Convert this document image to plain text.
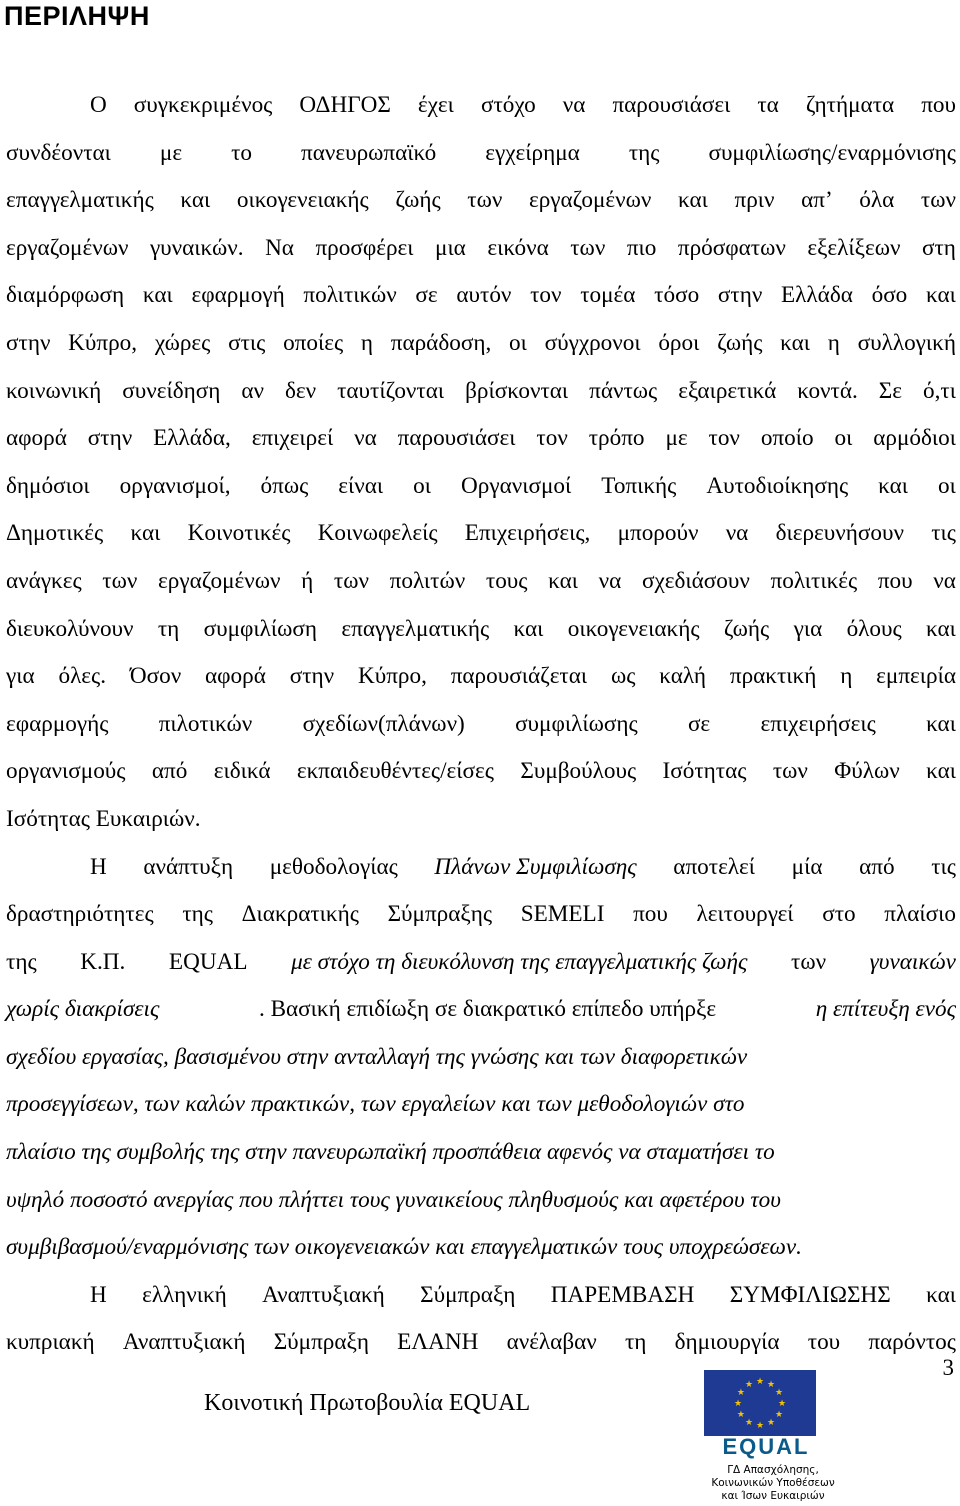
ΠΕΡΙΛΗΨΗ
Ο συγκεκριμένος ΟΔΗΓΟΣ έχει στόχο να παρουσιάσει τα ζητήματα που
συνδέονται με το πανευρωπαϊκό εγχείρημα της συμφιλίωσης/εναρμόνισης
επαγγελματικής και οικογενειακής ζωής των εργαζομένων και πριν απ’ όλα των
εργαζομένων γυναικών. Να προσφέρει μια εικόνα των πιο πρόσφατων εξελίξεων στη
διαμόρφωση και εφαρμογή πολιτικών σε αυτόν τον τομέα τόσο στην Ελλάδα όσο και
στην Κύπρο, χώρες στις οποίες η παράδοση, οι σύγχρονοι όροι ζωής και η συλλογική
κοινωνική συνείδηση αν δεν ταυτίζονται βρίσκονται πάντως εξαιρετικά κοντά. Σε ό,τι
αφορά στην Ελλάδα, επιχειρεί να παρουσιάσει τον τρόπο με τον οποίο οι αρμόδιοι
δημόσιοι οργανισμοί, όπως είναι οι Οργανισμοί Τοπικής Αυτοδιοίκησης και οι
Δημοτικές και Κοινοτικές Κοινωφελείς Επιχειρήσεις, μπορούν να διερευνήσουν τις
ανάγκες των εργαζομένων ή των πολιτών τους και να σχεδιάσουν πολιτικές που να
διευκολύνουν τη συμφιλίωση επαγγελματικής και οικογενειακής ζωής για όλους και
για όλες. Όσον αφορά στην Κύπρο, παρουσιάζεται ως καλή πρακτική η εμπειρία
εφαρμογής πιλοτικών σχεδίων(πλάνων) συμφιλίωσης σε επιχειρήσεις και
οργανισμούς από ειδικά εκπαιδευθέντες/είσες Συμβούλους Ισότητας των Φύλων και
Ισότητας Ευκαιριών.
Η ανάπτυξη μεθοδολογίας Πλάνων Συμφιλίωσης αποτελεί μία από τις
δραστηριότητες της Διακρατικής Σύμπραξης SEMELI που λειτουργεί στο πλαίσιο
της Κ.Π. EQUAL με στόχο τη διευκόλυνση της επαγγελματικής ζωής των γυναικών
χωρίς διακρίσεις	. Βασική επιδίωξη σε διακρατικό επίπεδο υπήρξε	η επίτευξη ενός
σχεδίου εργασίας, βασισμένου στην ανταλλαγή της γνώσης και των διαφορετικών
προσεγγίσεων, των καλών πρακτικών, των εργαλείων και των μεθοδολογιών στο
πλαίσιο της συμβολής της στην πανευρωπαϊκή προσπάθεια αφενός να σταματήσει το
υψηλό ποσοστό ανεργίας που πλήττει τους γυναικείους πληθυσμούς και αφετέρου του
συμβιβασμού/εναρμόνισης των οικογενειακών και επαγγελματικών τους υποχρεώσεων.
Η ελληνική Αναπτυξιακή Σύμπραξη ΠΑΡΕΜΒΑΣΗ ΣΥΜΦΙΛΙΩΣΗΣ και
κυπριακή Αναπτυξιακή Σύμπραξη ΕΛΑΝΗ ανέλαβαν τη δημιουργία του παρόντος
3
Κοινοτική Πρωτοβουλία EQUAL	★
★
★
★
★
★
★
★
★ ★ ★
★
EQUAL
ΓΔ Απασχόλησης, Κοινωνικών Υποθέσεων και Ίσων Ευκαιριών
